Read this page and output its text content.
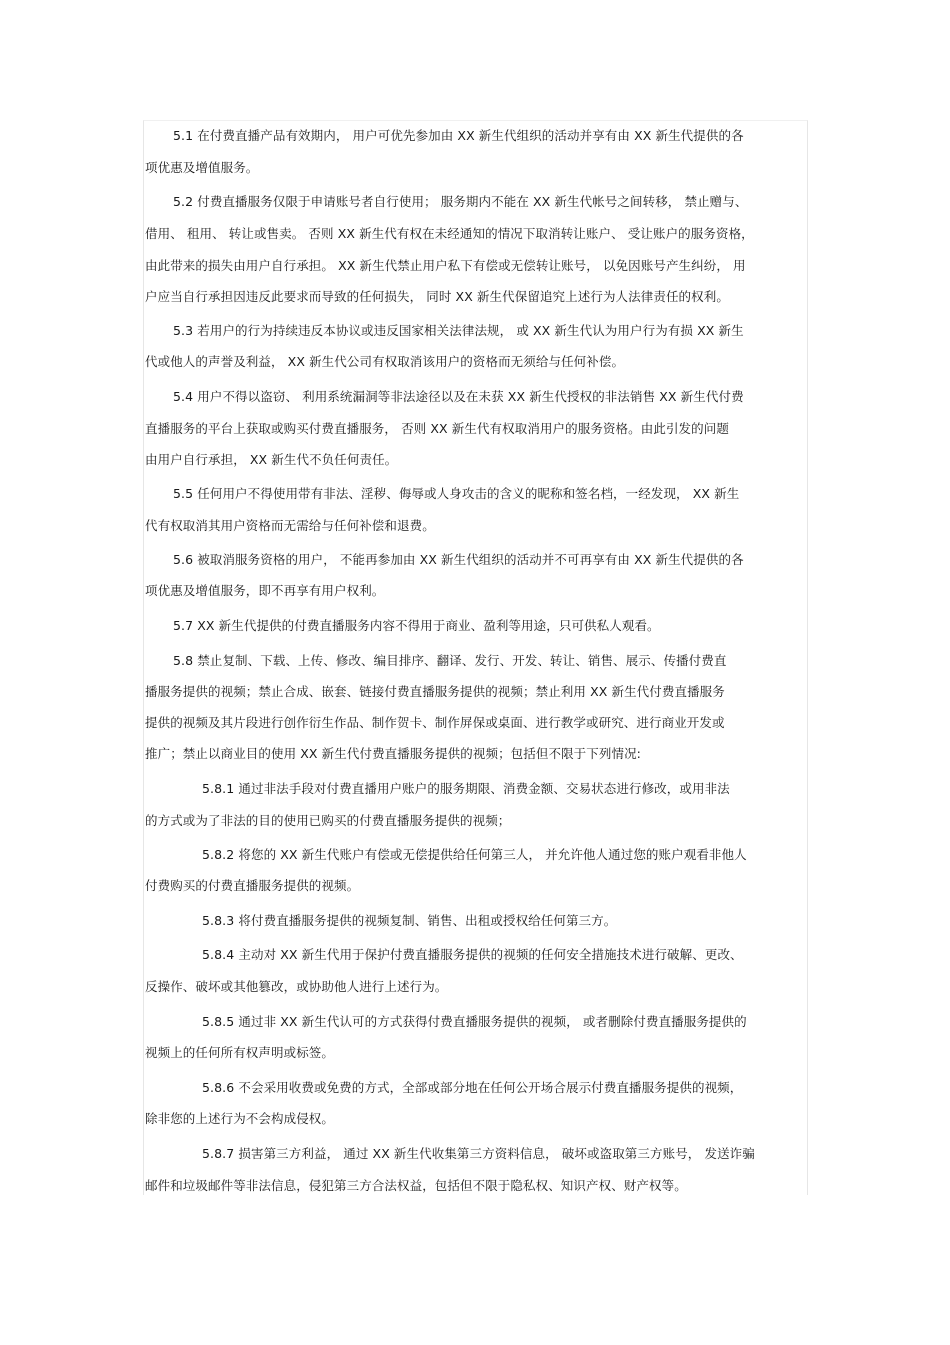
5.1 在付费直播产品有效期内， 用户可优先参加由 XX 新生代组织的活动并享有由 XX 新生代提供的各
项优惠及增值服务。
5.2 付费直播服务仅限于申请账号者自行使用； 服务期内不能在 XX 新生代帐号之间转移， 禁止赠与、
借用、 租用、 转让或售卖。 否则 XX 新生代有权在未经通知的情况下取消转让账户、 受让账户的服务资格，
由此带来的损失由用户自行承担。 XX 新生代禁止用户私下有偿或无偿转让账号， 以免因账号产生纠纷， 用
户应当自行承担因违反此要求而导致的任何损失， 同时 XX 新生代保留追究上述行为人法律责任的权利。
5.3 若用户的行为持续违反本协议或违反国家相关法律法规， 或 XX 新生代认为用户行为有损 XX 新生
代或他人的声誉及利益， XX 新生代公司有权取消该用户的资格而无须给与任何补偿。
5.4 用户不得以盗窃、 利用系统漏洞等非法途径以及在未获 XX 新生代授权的非法销售 XX 新生代付费
直播服务的平台上获取或购买付费直播服务， 否则 XX 新生代有权取消用户的服务资格。由此引发的问题
由用户自行承担， XX 新生代不负任何责任。
5.5 任何用户不得使用带有非法、淫秽、侮辱或人身攻击的含义的昵称和签名档，一经发现， XX 新生
代有权取消其用户资格而无需给与任何补偿和退费。
5.6 被取消服务资格的用户， 不能再参加由 XX 新生代组织的活动并不可再享有由 XX 新生代提供的各
项优惠及增值服务，即不再享有用户权利。
5.7 XX 新生代提供的付费直播服务内容不得用于商业、盈利等用途，只可供私人观看。
5.8 禁止复制、下载、上传、修改、编目排序、翻译、发行、开发、转让、销售、展示、传播付费直
播服务提供的视频；禁止合成、嵌套、链接付费直播服务提供的视频；禁止利用 XX 新生代付费直播服务
提供的视频及其片段进行创作衍生作品、制作贺卡、制作屏保或桌面、进行教学或研究、进行商业开发或
推广；禁止以商业目的使用 XX 新生代付费直播服务提供的视频；包括但不限于下列情况:
5.8.1 通过非法手段对付费直播用户账户的服务期限、消费金额、交易状态进行修改，或用非法
的方式或为了非法的目的使用已购买的付费直播服务提供的视频；
5.8.2 将您的 XX 新生代账户有偿或无偿提供给任何第三人， 并允许他人通过您的账户观看非他人
付费购买的付费直播服务提供的视频。
5.8.3 将付费直播服务提供的视频复制、销售、出租或授权给任何第三方。
5.8.4 主动对 XX 新生代用于保护付费直播服务提供的视频的任何安全措施技术进行破解、更改、
反操作、破坏或其他篡改，或协助他人进行上述行为。
5.8.5 通过非 XX 新生代认可的方式获得付费直播服务提供的视频， 或者删除付费直播服务提供的
视频上的任何所有权声明或标签。
5.8.6 不会采用收费或免费的方式，全部或部分地在任何公开场合展示付费直播服务提供的视频，
除非您的上述行为不会构成侵权。
5.8.7 损害第三方利益， 通过 XX 新生代收集第三方资料信息， 破坏或盗取第三方账号， 发送诈骗
邮件和垃圾邮件等非法信息，侵犯第三方合法权益，包括但不限于隐私权、知识产权、财产权等。
